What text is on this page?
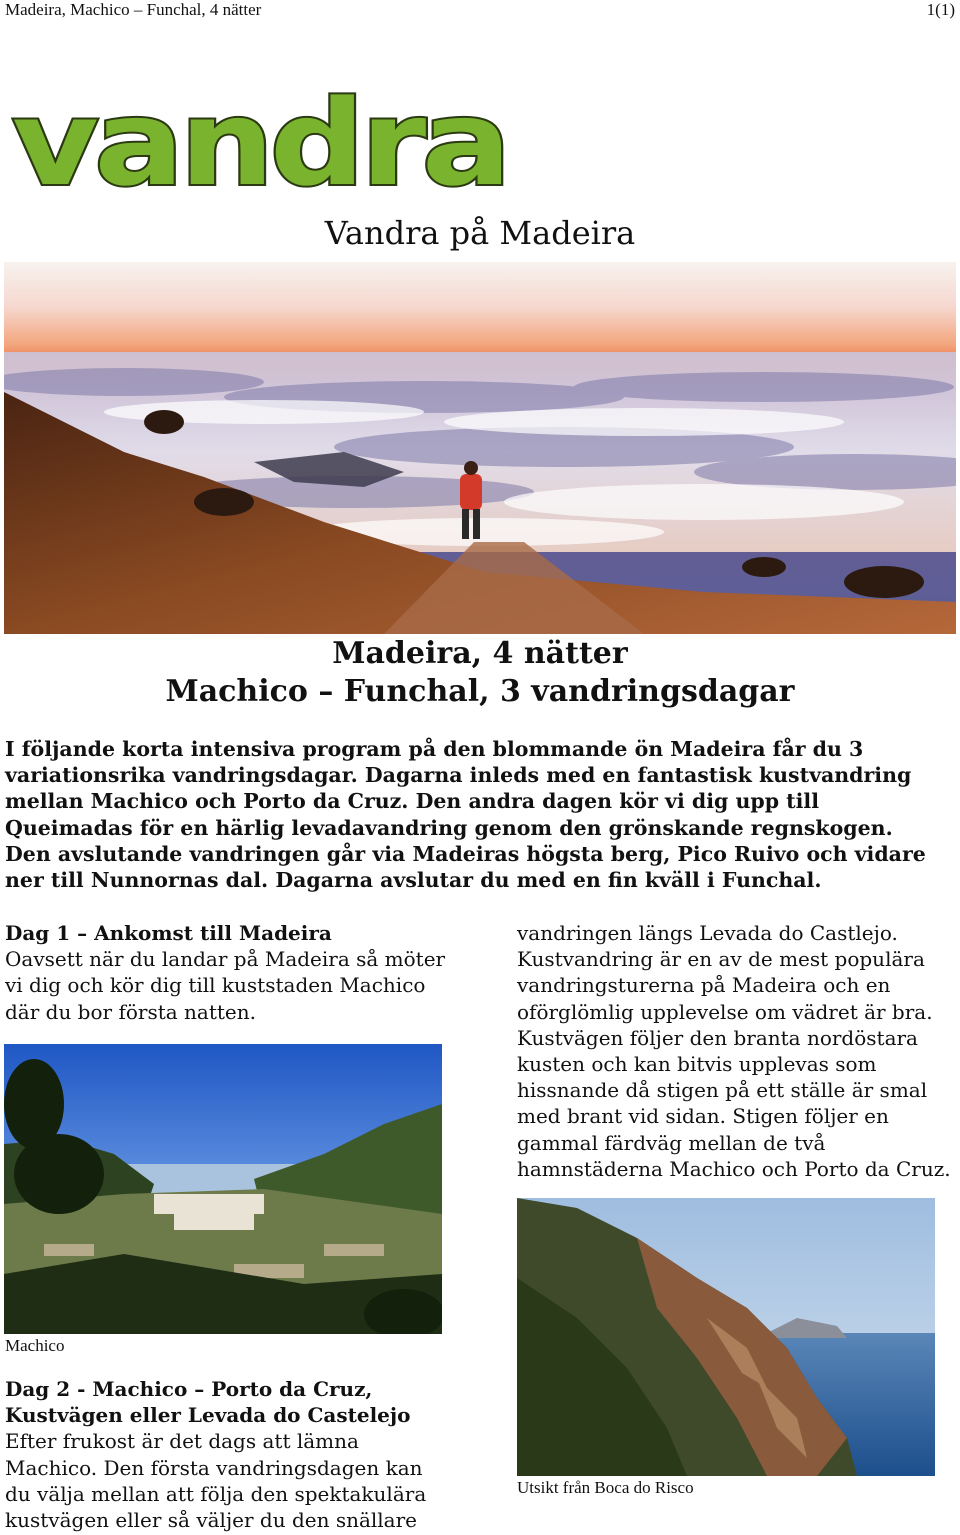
Madeira, Machico – Funchal, 4 nätter	1(1)
vandra
Vandra på Madeira
Madeira, 4 nätter
Machico – Funchal, 3 vandringsdagar
I följande korta intensiva program på den blommande ön Madeira får du 3
variationsrika vandringsdagar. Dagarna inleds med en fantastisk kustvandring
mellan Machico och Porto da Cruz. Den andra dagen kör vi dig upp till
Queimadas för en härlig levadavandring genom den grönskande regnskogen.
Den avslutande vandringen går via Madeiras högsta berg, Pico Ruivo och vidare
ner till Nunnornas dal. Dagarna avslutar du med en fin kväll i Funchal.
Dag 1 – Ankomst till Madeira
Oavsett när du landar på Madeira så möter
vi dig och kör dig till kuststaden Machico
där du bor första natten.
Machico
Dag 2 - Machico – Porto da Cruz,
Kustvägen eller Levada do Castelejo
Efter frukost är det dags att lämna
Machico. Den första vandringsdagen kan
du välja mellan att följa den spektakulära
kustvägen eller så väljer du den snällare
vandringen längs Levada do Castlejo.
Kustvandring är en av de mest populära
vandringsturerna på Madeira och en
oförglömlig upplevelse om vädret är bra.
Kustvägen följer den branta nordöstara
kusten och kan bitvis upplevas som
hissnande då stigen på ett ställe är smal
med brant vid sidan. Stigen följer en
gammal färdväg mellan de två
hamnstäderna Machico och Porto da Cruz.
Utsikt från Boca do Risco
